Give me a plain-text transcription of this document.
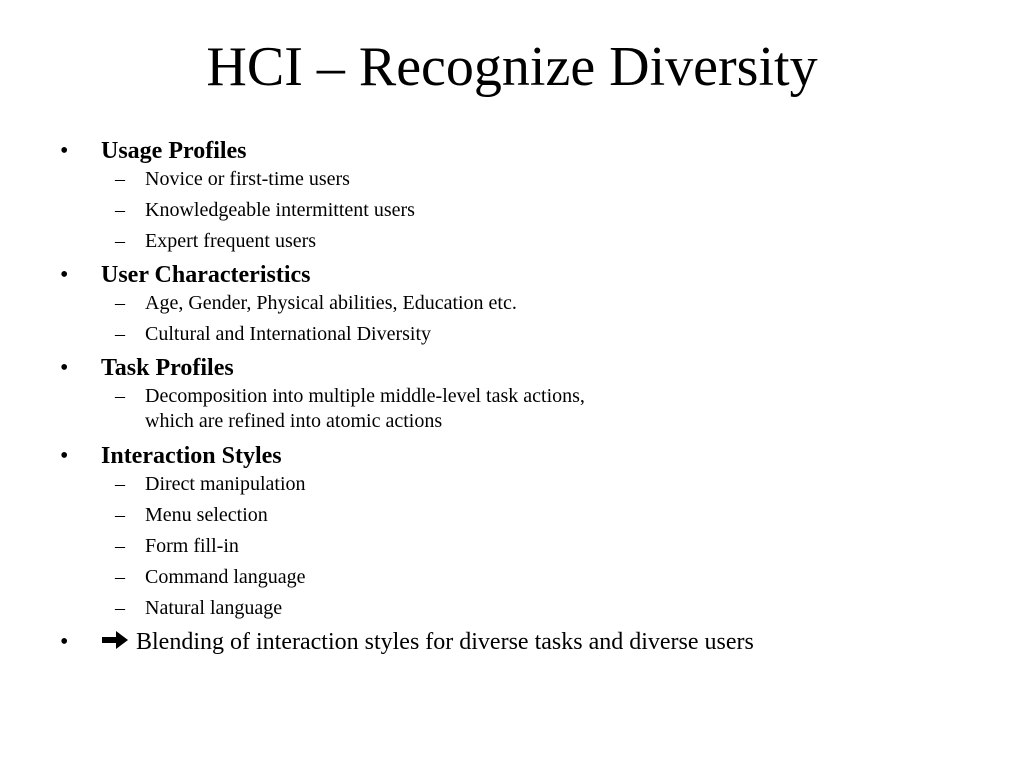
HCI – Recognize Diversity
• Usage Profiles
– Novice or first-time users
– Knowledgeable intermittent users
– Expert frequent users
• User Characteristics
– Age, Gender, Physical abilities, Education etc.
– Cultural and International Diversity
• Task Profiles
– Decomposition into multiple middle-level task actions,
which are refined into atomic actions
• Interaction Styles
– Direct manipulation
– Menu selection
– Form fill-in
– Command language
– Natural language
•	Blending of interaction styles for diverse tasks and diverse users
